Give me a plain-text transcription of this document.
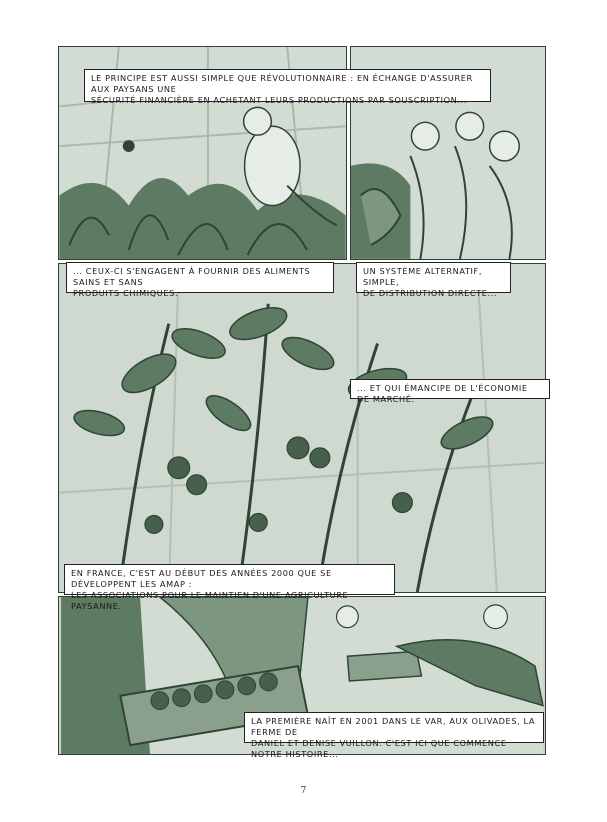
LE PRINCIPE EST AUSSI SIMPLE QUE RÉVOLUTIONNAIRE : EN ÉCHANGE D'ASSURER AUX PAYSANS UNE
SÉCURITÉ FINANCIÈRE EN ACHETANT LEURS PRODUCTIONS PAR SOUSCRIPTION...
... CEUX-CI S'ENGAGENT À FOURNIR DES ALIMENTS SAINS ET SANS
PRODUITS CHIMIQUES.
UN SYSTÈME ALTERNATIF, SIMPLE,
DE DISTRIBUTION DIRECTE...
... ET QUI ÉMANCIPE DE L'ÉCONOMIE DE MARCHÉ.
EN FRANCE, C'EST AU DÉBUT DES ANNÉES 2000 QUE SE DÉVELOPPENT LES AMAP :
LES ASSOCIATIONS POUR LE MAINTIEN D'UNE AGRICULTURE PAYSANNE.
LA PREMIÈRE NAÎT EN 2001 DANS LE VAR, AUX OLIVADES, LA FERME DE
DANIEL ET DENISE VUILLON. C'EST ICI QUE COMMENCE NOTRE HISTOIRE...
7
